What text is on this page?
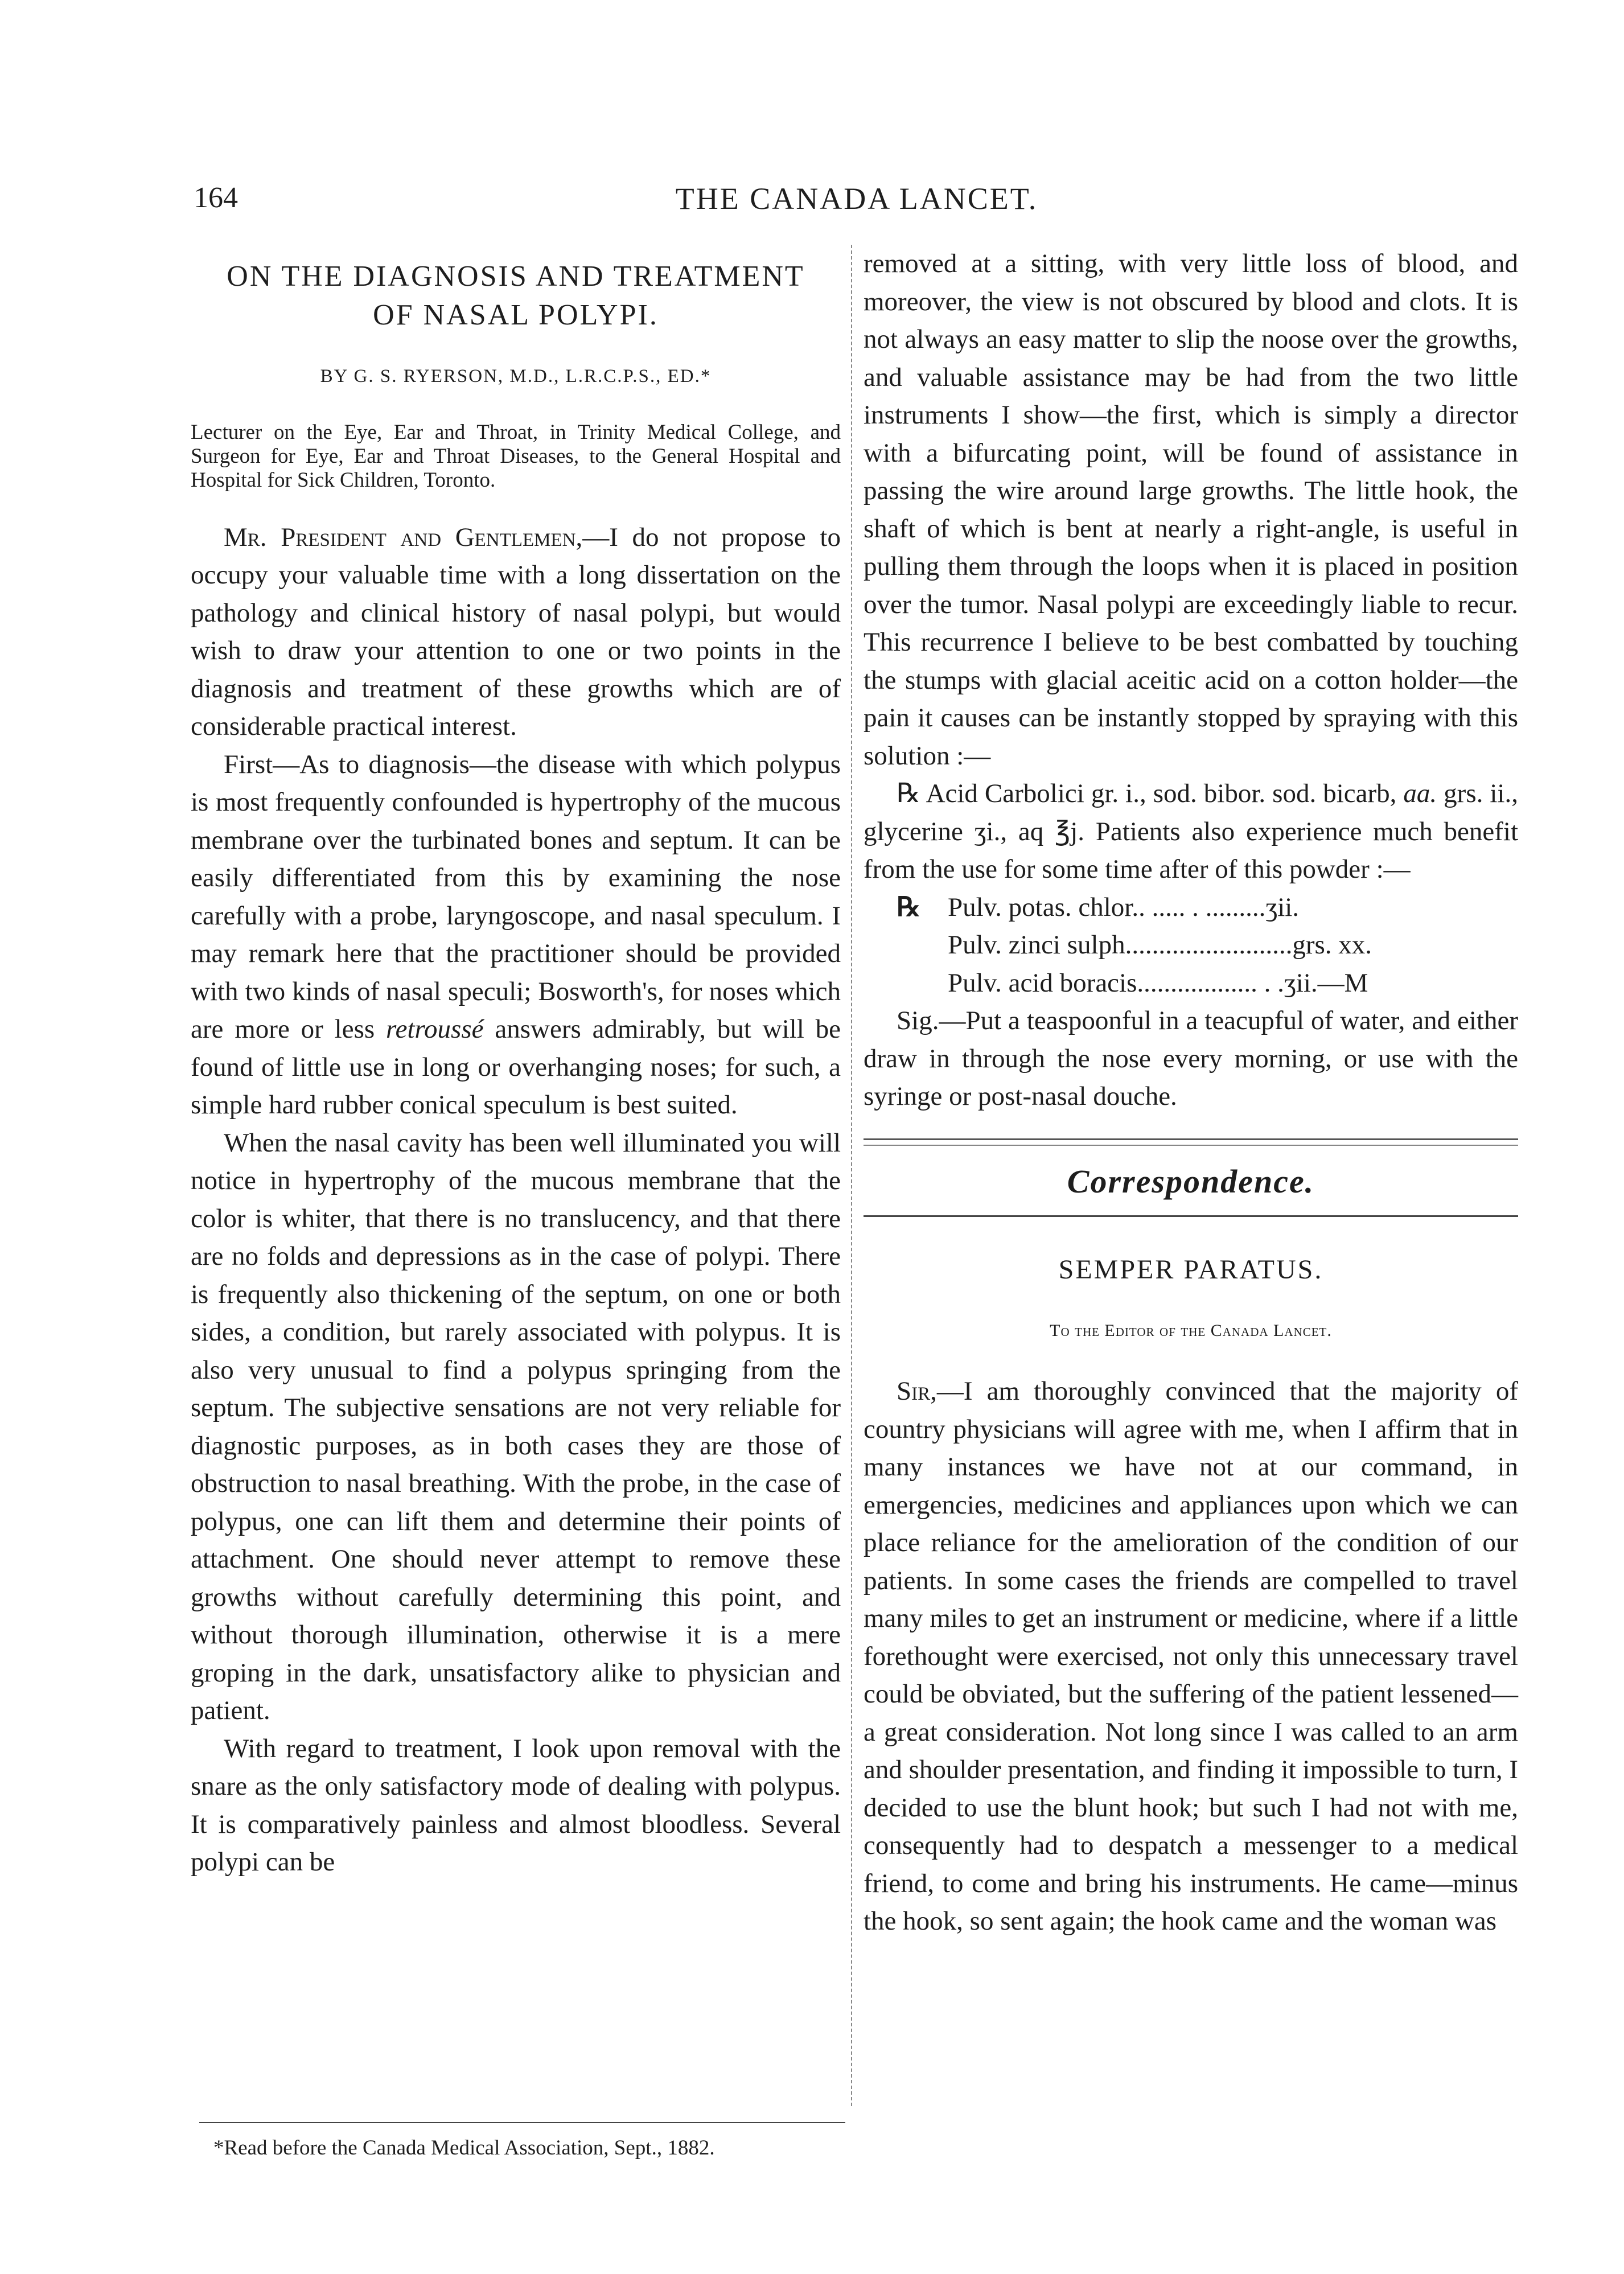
164	THE CANADA LANCET.
ON THE DIAGNOSIS AND TREATMENT
OF NASAL POLYPI.
BY G. S. RYERSON, M.D., L.R.C.P.S., ED.*

Lecturer on the Eye, Ear and Throat, in Trinity Medical College, and Surgeon for Eye, Ear and Throat Diseases, to the General Hospital and Hospital for Sick Children, Toronto.

Mr. President and Gentlemen,—I do not propose to occupy your valuable time with a long dissertation on the pathology and clinical history of nasal polypi, but would wish to draw your attention to one or two points in the diagnosis and treatment of these growths which are of considerable practical interest.

First—As to diagnosis—the disease with which polypus is most frequently confounded is hypertrophy of the mucous membrane over the turbinated bones and septum. It can be easily differentiated from this by examining the nose carefully with a probe, laryngoscope, and nasal speculum. I may remark here that the practitioner should be provided with two kinds of nasal speculi; Bosworth's, for noses which are more or less retroussé answers admirably, but will be found of little use in long or overhanging noses; for such, a simple hard rubber conical speculum is best suited.

When the nasal cavity has been well illuminated you will notice in hypertrophy of the mucous membrane that the color is whiter, that there is no translucency, and that there are no folds and depressions as in the case of polypi. There is frequently also thickening of the septum, on one or both sides, a condition, but rarely associated with polypus. It is also very unusual to find a polypus springing from the septum. The subjective sensations are not very reliable for diagnostic purposes, as in both cases they are those of obstruction to nasal breathing. With the probe, in the case of polypus, one can lift them and determine their points of attachment. One should never attempt to remove these growths without carefully determining this point, and without thorough illumination, otherwise it is a mere groping in the dark, unsatisfactory alike to physician and patient.

With regard to treatment, I look upon removal with the snare as the only satisfactory mode of dealing with polypus. It is comparatively painless and almost bloodless. Several polypi can be

*Read before the Canada Medical Association, Sept., 1882.

removed at a sitting, with very little loss of blood, and moreover, the view is not obscured by blood and clots. It is not always an easy matter to slip the noose over the growths, and valuable assistance may be had from the two little instruments I show—the first, which is simply a director with a bifurcating point, will be found of assistance in passing the wire around large growths. The little hook, the shaft of which is bent at nearly a right-angle, is useful in pulling them through the loops when it is placed in position over the tumor. Nasal polypi are exceedingly liable to recur. This recurrence I believe to be best combatted by touching the stumps with glacial aceitic acid on a cotton holder—the pain it causes can be instantly stopped by spraying with this solution :—

℞ Acid Carbolici gr. i., sod. bibor. sod. bicarb, aa. grs. ii., glycerine ʒi., aq ℥j. Patients also experience much benefit from the use for some time after of this powder :—

℞ Pulv. potas. chlor.. ..... . .........ʒii.

Pulv. zinci sulph.........................grs. xx.

Pulv. acid boracis.................. . .ʒii.—M

Sig.—Put a teaspoonful in a teacupful of water, and either draw in through the nose every morning, or use with the syringe or post-nasal douche.

Correspondence.
SEMPER PARATUS.
To the Editor of the Canada Lancet.

Sir,—I am thoroughly convinced that the majority of country physicians will agree with me, when I affirm that in many instances we have not at our command, in emergencies, medicines and appliances upon which we can place reliance for the amelioration of the condition of our patients. In some cases the friends are compelled to travel many miles to get an instrument or medicine, where if a little forethought were exercised, not only this unnecessary travel could be obviated, but the suffering of the patient lessened—a great consideration. Not long since I was called to an arm and shoulder presentation, and finding it impossible to turn, I decided to use the blunt hook; but such I had not with me, consequently had to despatch a messenger to a medical friend, to come and bring his instruments. He came—minus the hook, so sent again; the hook came and the woman was
